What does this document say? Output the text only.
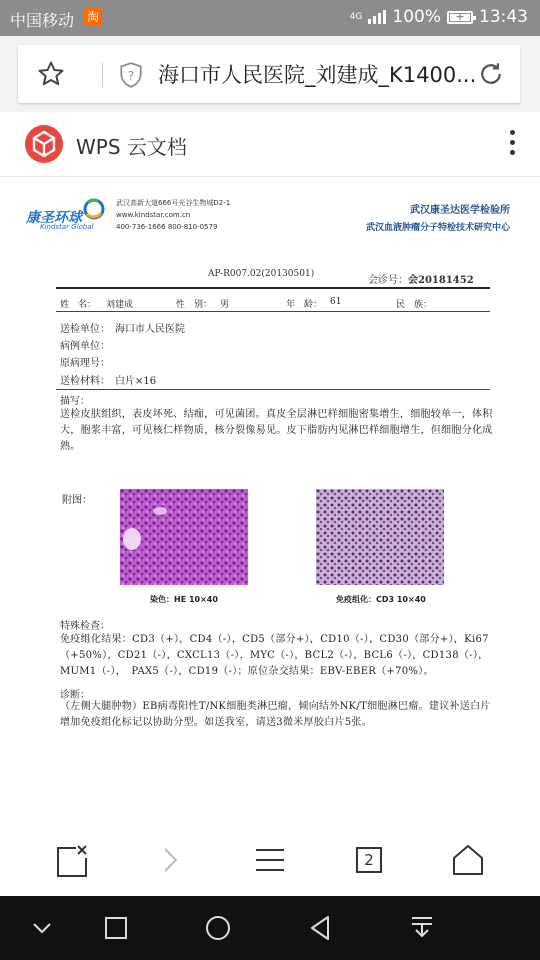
中国移动 淘	4G 100%	+ 13:43
? 海口市人民医院_刘建成_K1400...
WPS 云文档
康圣环球
Kindstar Global
武汉高新大道666号光谷生物城D2-1
www.kindstar.com.cn
400-736-1666 800-810-0579
武汉康圣达医学检验所
武汉血液肿瘤分子特检技术研究中心
AP-R007.02(20130501)
会诊号：会20181452
姓　名： 刘建成	性　别： 男	年　龄： 61	民　族：
送检单位：　海口市人民医院
病例单位：
原病理号：
送检材料：　白片×16
描写：
送检皮肤组织，表皮坏死、结痂，可见菌团。真皮全层淋巴样细胞密集增生，细胞较单一，体积大，胞浆丰富，可见核仁样物质，核分裂像易见。皮下脂肪内见淋巴样细胞增生，但细胞分化成熟。
附图：
染色：HE 10×40	免疫组化：CD3 10×40
特殊检查：
免疫组化结果：CD3（+），CD4（-），CD5（部分+），CD10（-），CD30（部分+），Ki67（+50%），CD21（-），CXCL13（-），MYC（-），BCL2（-），BCL6（-），CD138（-），MUM1（-），　PAX5（-），CD19（-）；原位杂交结果：EBV-EBER（+70%）。
诊断：
（左侧大腿肿物）EB病毒阳性T/NK细胞类淋巴瘤，倾向结外NK/T细胞淋巴瘤。建议补送白片增加免疫组化标记以协助分型。如送我室，请送3微米厚胶白片5张。
2
